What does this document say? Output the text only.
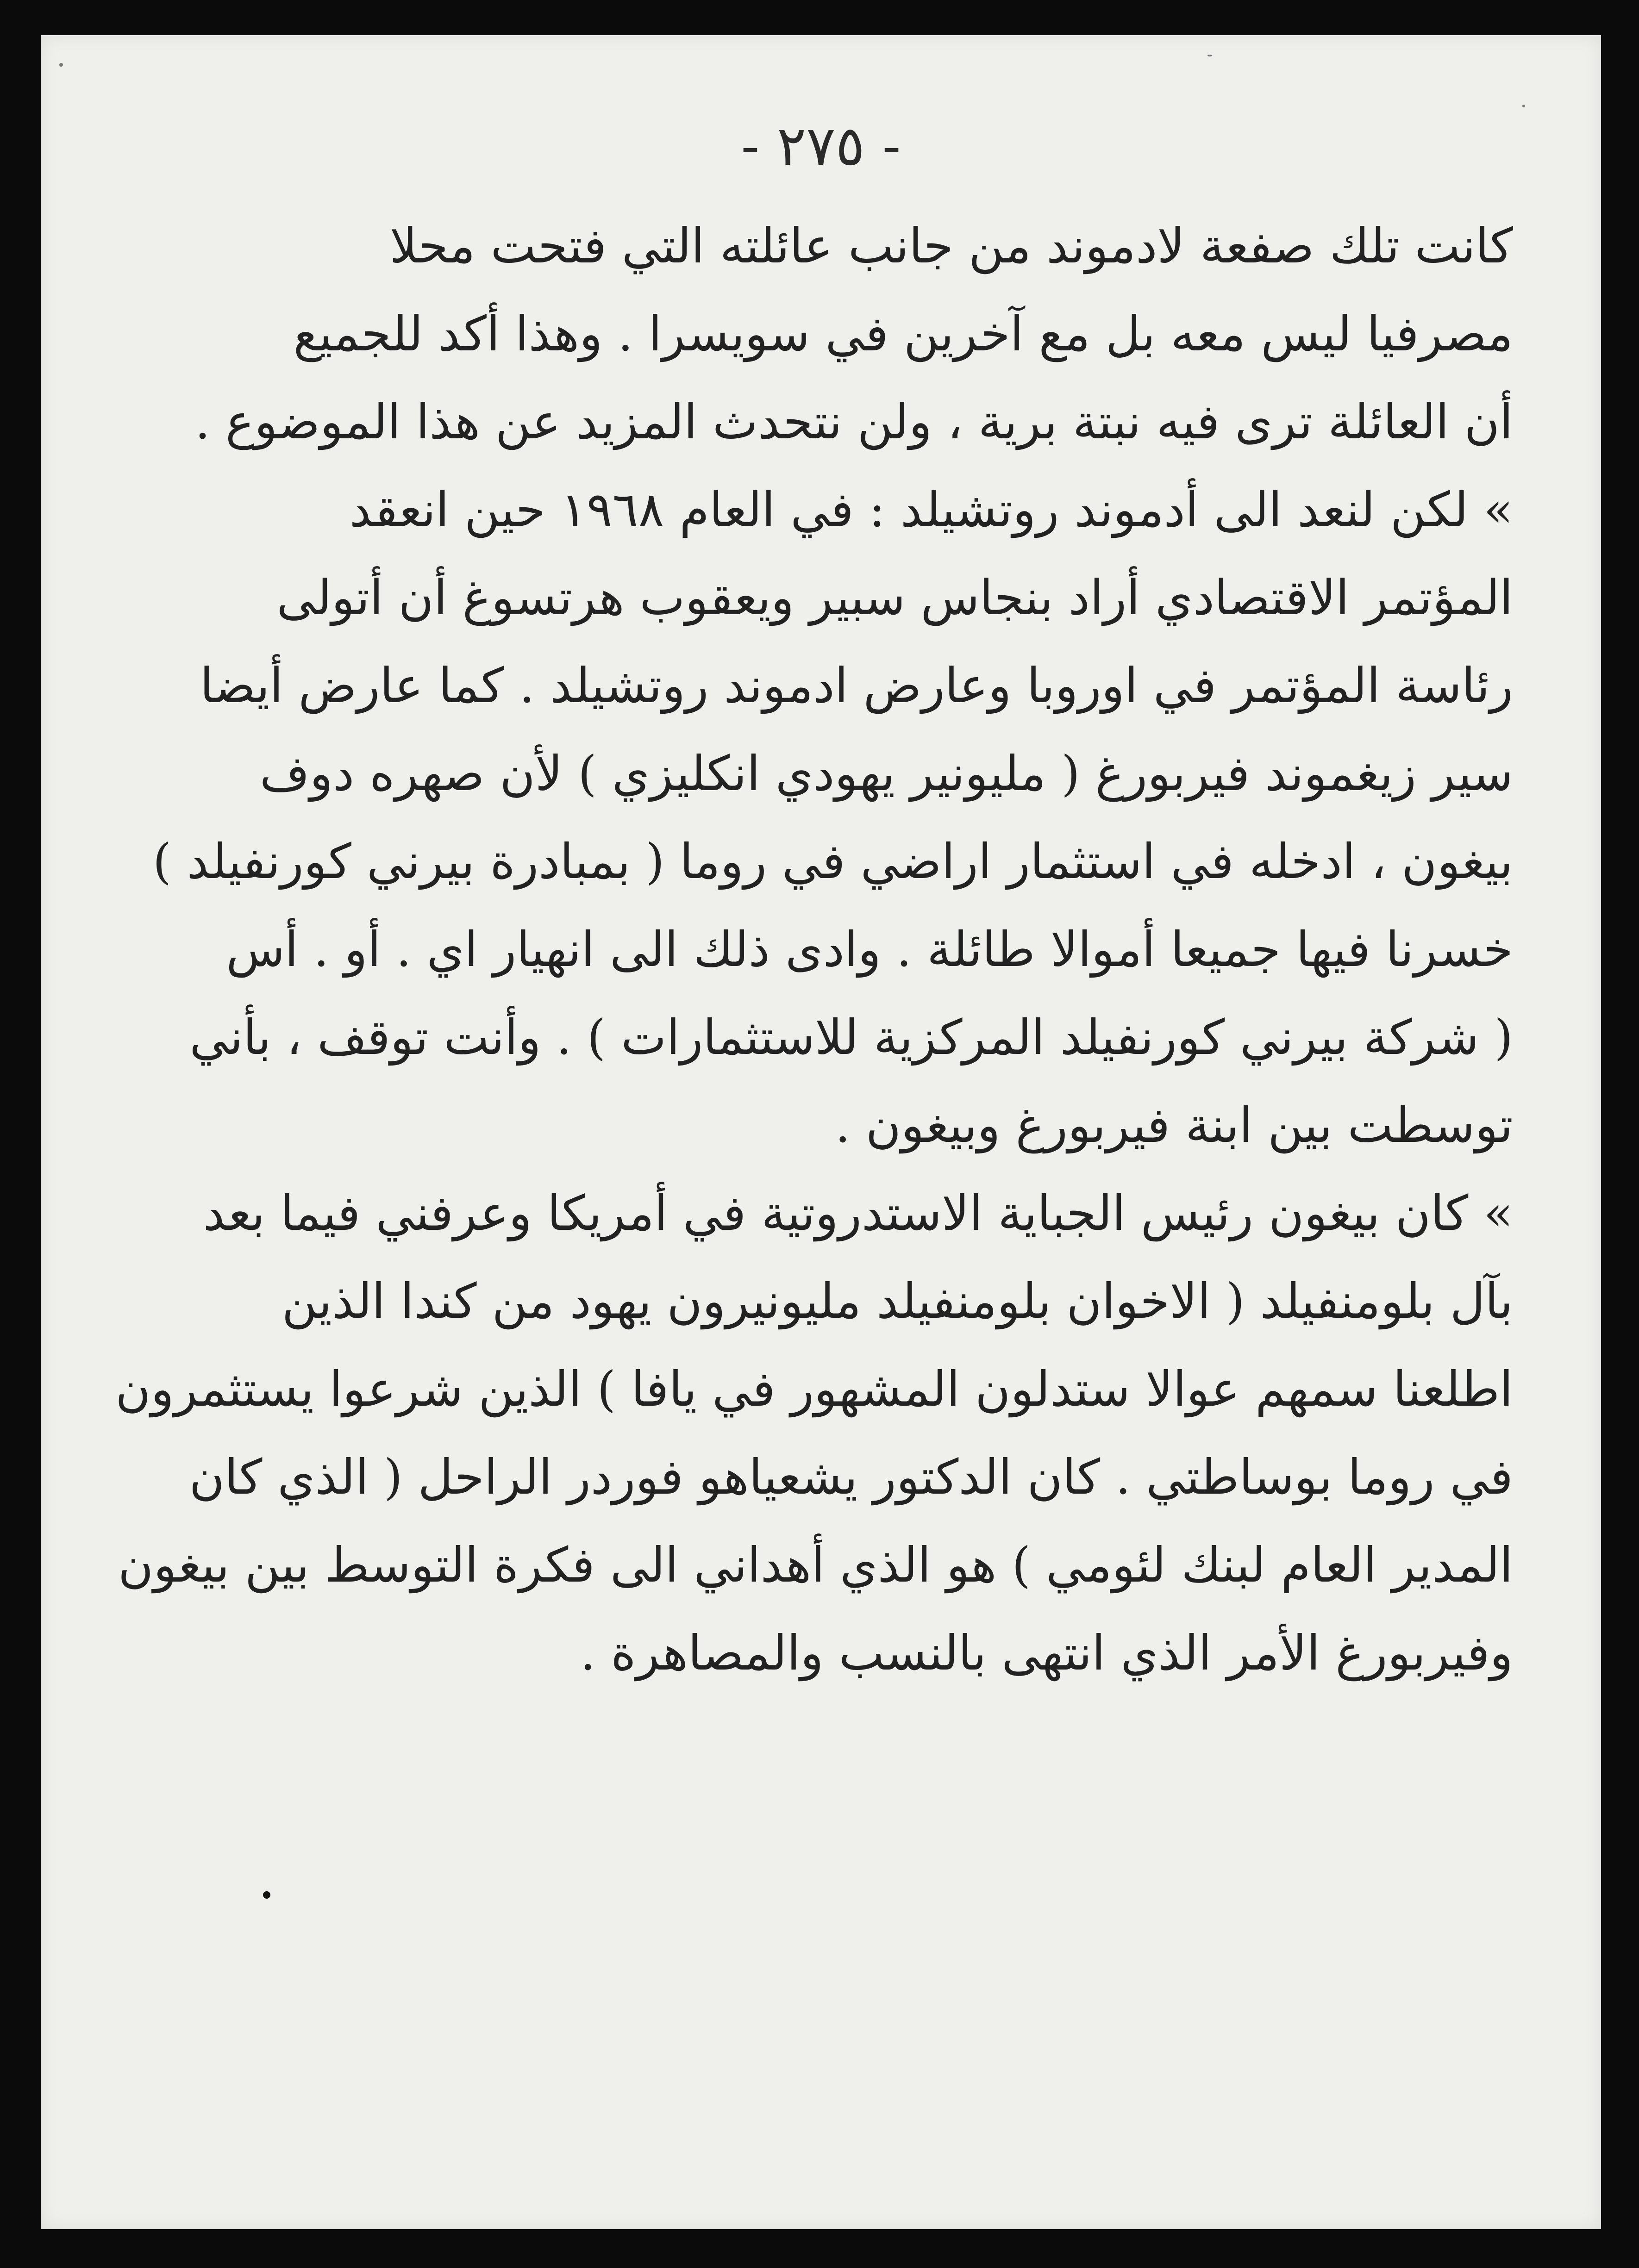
- ٢٧٥ -

كانت تلك صفعة لادموند من جانب عائلته التي فتحت محلا
مصرفيا ليس معه بل مع آخرين في سويسرا . وهذا أكد للجميع
أن العائلة ترى فيه نبتة برية ، ولن نتحدث المزيد عن هذا الموضوع .
» لكن لنعد الى أدموند روتشيلد : في العام ١٩٦٨ حين انعقد
المؤتمر الاقتصادي أراد بنجاس سبير ويعقوب هرتسوغ أن أتولى
رئاسة المؤتمر في اوروبا وعارض ادموند روتشيلد . كما عارض أيضا
سير زيغموند فيربورغ ( مليونير يهودي انكليزي ) لأن صهره دوف
بيغون ، ادخله في استثمار اراضي في روما ( بمبادرة بيرني كورنفيلد )
خسرنا فيها جميعا أموالا طائلة . وادى ذلك الى انهيار اي . أو . أس
( شركة بيرني كورنفيلد المركزية للاستثمارات ) . وأنت توقف ، بأني
توسطت بين ابنة فيربورغ وبيغون .
» كان بيغون رئيس الجباية الاستدروتية في أمريكا وعرفني فيما بعد
بآل بلومنفيلد ( الاخوان بلومنفيلد مليونيرون يهود من كندا الذين
اطلعنا سمهم عوالا ستدلون المشهور في يافا ) الذين شرعوا يستثمرون
في روما بوساطتي . كان الدكتور يشعياهو فوردر الراحل ( الذي كان
المدير العام لبنك لئومي ) هو الذي أهداني الى فكرة التوسط بين بيغون
وفيربورغ الأمر الذي انتهى بالنسب والمصاهرة .
